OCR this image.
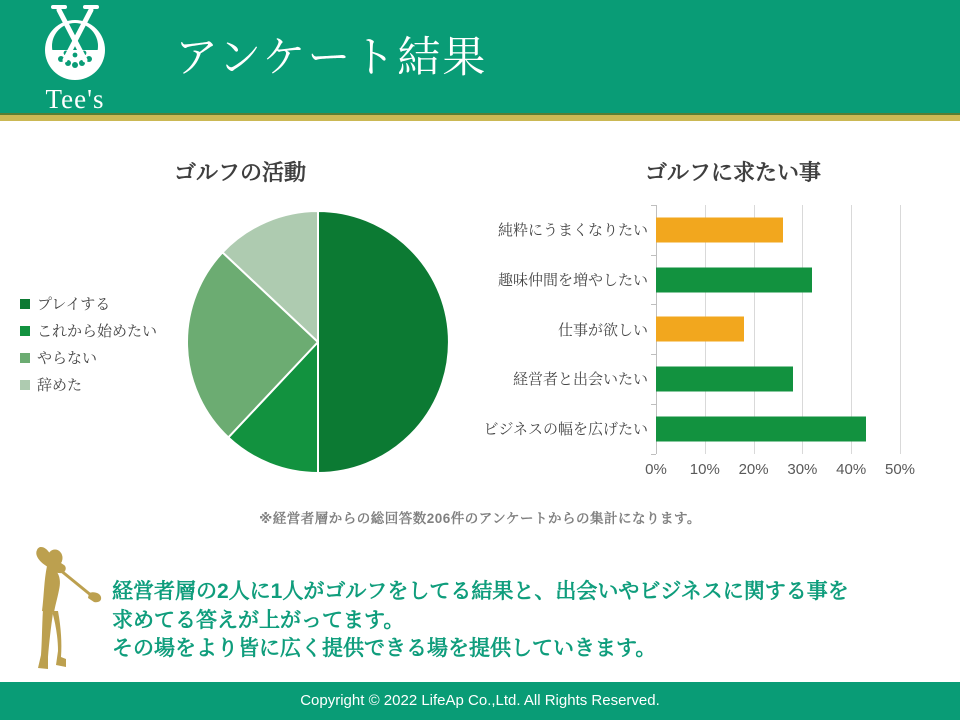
Tee's
アンケート結果
ゴルフの活動
プレイする
これから始めたい
やらない
辞めた
ゴルフに求たい事
純粋にうまくなりたい
趣味仲間を増やしたい
仕事が欲しい
経営者と出会いたい
ビジネスの幅を広げたい
0% 10% 20% 30% 40% 50%
※経営者層からの総回答数206件のアンケートからの集計になります。
経営者層の2人に1人がゴルフをしてる結果と、出会いやビジネスに関する事を
求めてる答えが上がってます。
その場をより皆に広く提供できる場を提供していきます。
Copyright © 2022 LifeAp Co.,Ltd. All Rights Reserved.
